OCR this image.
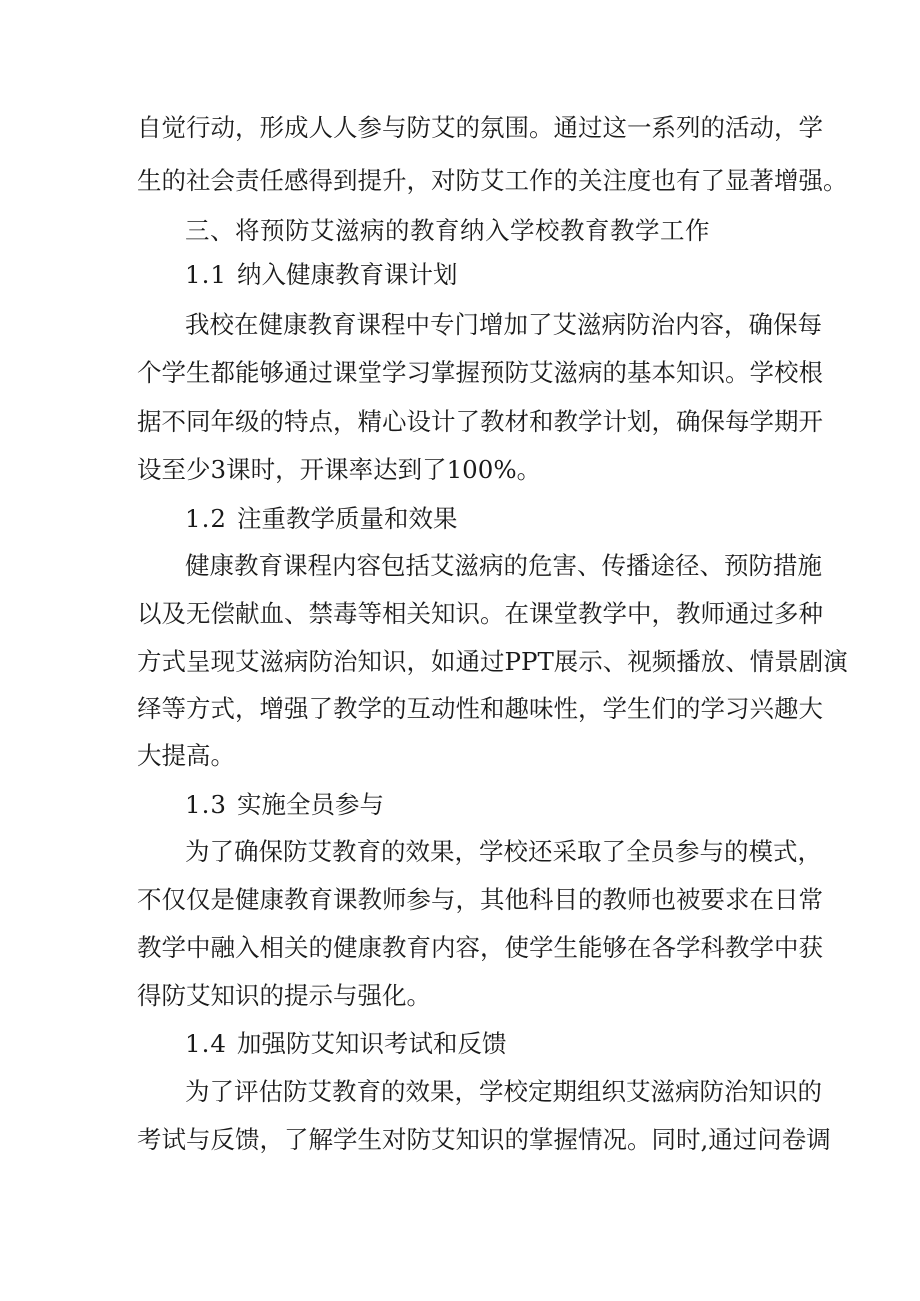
自觉行动，形成人人参与防艾的氛围。通过这一系列的活动，学
生的社会责任感得到提升，对防艾工作的关注度也有了显著增强。
三、将预防艾滋病的教育纳入学校教育教学工作
1.1 纳入健康教育课计划
我校在健康教育课程中专门增加了艾滋病防治内容，确保每
个学生都能够通过课堂学习掌握预防艾滋病的基本知识。学校根
据不同年级的特点，精心设计了教材和教学计划，确保每学期开
设至少3课时，开课率达到了100%。
1.2 注重教学质量和效果
健康教育课程内容包括艾滋病的危害、传播途径、预防措施
以及无偿献血、禁毒等相关知识。在课堂教学中，教师通过多种
方式呈现艾滋病防治知识，如通过PPT展示、视频播放、情景剧演
绎等方式，增强了教学的互动性和趣味性，学生们的学习兴趣大
大提高。
1.3 实施全员参与
为了确保防艾教育的效果，学校还采取了全员参与的模式，
不仅仅是健康教育课教师参与，其他科目的教师也被要求在日常
教学中融入相关的健康教育内容，使学生能够在各学科教学中获
得防艾知识的提示与强化。
1.4 加强防艾知识考试和反馈
为了评估防艾教育的效果，学校定期组织艾滋病防治知识的
考试与反馈，了解学生对防艾知识的掌握情况。同时,通过问卷调
